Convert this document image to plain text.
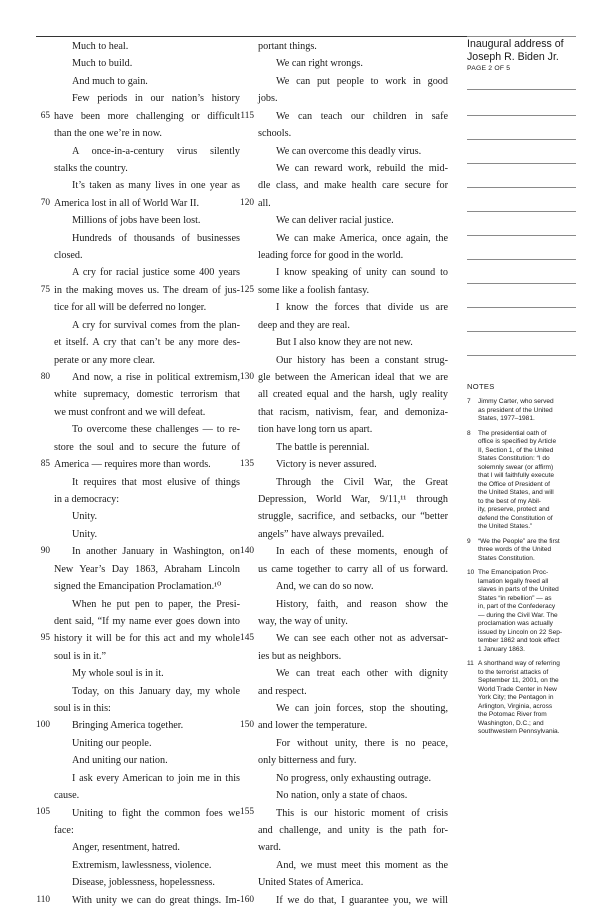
Much to heal.
Much to build.
And much to gain.
Few periods in our nation’s history
have been more challenging or difficult
than the one we’re in now.
A once-in-a-century virus silently
stalks the country.
It’s taken as many lives in one year as
America lost in all of World War II.
Millions of jobs have been lost.
Hundreds of thousands of businesses
closed.
A cry for racial justice some 400 years
in the making moves us. The dream of jus-
tice for all will be deferred no longer.
A cry for survival comes from the plan-
et itself. A cry that can’t be any more des-
perate or any more clear.
And now, a rise in political extremism,
white supremacy, domestic terrorism that
we must confront and we will defeat.
To overcome these challenges — to re-
store the soul and to secure the future of
America — requires more than words.
It requires that most elusive of things
in a democracy:
Unity.
Unity.
In another January in Washington, on
New Year’s Day 1863, Abraham Lincoln
signed the Emancipation Proclamation.¹⁰
When he put pen to paper, the Presi-
dent said, “If my name ever goes down into
history it will be for this act and my whole
soul is in it.”
My whole soul is in it.
Today, on this January day, my whole
soul is in this:
Bringing America together.
Uniting our people.
And uniting our nation.
I ask every American to join me in this
cause.
Uniting to fight the common foes we
face:
Anger, resentment, hatred.
Extremism, lawlessness, violence.
Disease, joblessness, hopelessness.
With unity we can do great things. Im-
65
70
75
80
85
90
95
100
105
110
portant things.
We can right wrongs.
We can put people to work in good
jobs.
We can teach our children in safe
schools.
We can overcome this deadly virus.
We can reward work, rebuild the mid-
dle class, and make health care secure for
all.
We can deliver racial justice.
We can make America, once again, the
leading force for good in the world.
I know speaking of unity can sound to
some like a foolish fantasy.
I know the forces that divide us are
deep and they are real.
But I also know they are not new.
Our history has been a constant strug-
gle between the American ideal that we are
all created equal and the harsh, ugly reality
that racism, nativism, fear, and demoniza-
tion have long torn us apart.
The battle is perennial.
Victory is never assured.
Through the Civil War, the Great
Depression, World War, 9/11,¹¹ through
struggle, sacrifice, and setbacks, our “better
angels” have always prevailed.
In each of these moments, enough of
us came together to carry all of us forward.
And, we can do so now.
History, faith, and reason show the
way, the way of unity.
We can see each other not as adversar-
ies but as neighbors.
We can treat each other with dignity
and respect.
We can join forces, stop the shouting,
and lower the temperature.
For without unity, there is no peace,
only bitterness and fury.
No progress, only exhausting outrage.
No nation, only a state of chaos.
This is our historic moment of crisis
and challenge, and unity is the path for-
ward.
And, we must meet this moment as the
United States of America.
If we do that, I guarantee you, we will
115
120
125
130
135
140
145
150
155
160
Inaugural address of
Joseph R. Biden Jr.
PAGE 2 OF 5
NOTES
7 Jimmy Carter, who served
as president of the United
States, 1977–1981.
8 The presidential oath of
office is specified by Article
II, Section 1, of the United
States Constitution: “I do
solemnly swear (or affirm)
that I will faithfully execute
the Office of President of
the United States, and will
to the best of my Abil-
ity, preserve, protect and
defend the Constitution of
the United States.”
9 “We the People” are the first
three words of the United
States Constitution.
10 The Emancipation Proc-
lamation legally freed all
slaves in parts of the United
States “in rebellion” — as
in, part of the Confederacy
— during the Civil War. The
proclamation was actually
issued by Lincoln on 22 Sep-
tember 1862 and took effect
1 January 1863.
11 A shorthand way of referring
to the terrorist attacks of
September 11, 2001, on the
World Trade Center in New
York City; the Pentagon in
Arlington, Virginia, across
the Potomac River from
Washington, D.C.; and
southwestern Pennsylvania.
